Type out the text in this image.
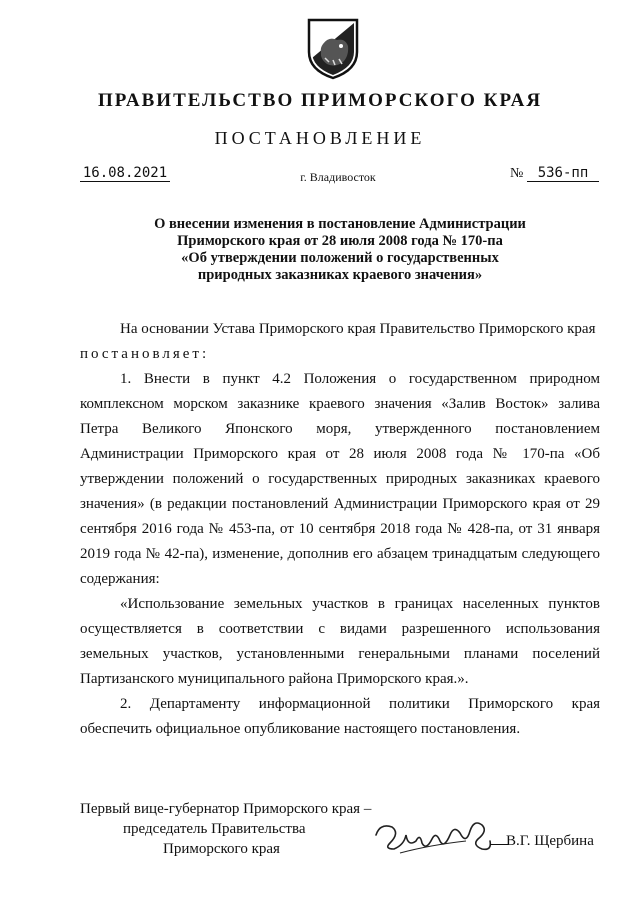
ПРАВИТЕЛЬСТВО ПРИМОРСКОГО КРАЯ
ПОСТАНОВЛЕНИЕ
16.08.2021	г. Владивосток	№	536-пп
О внесении изменения в постановление Администрации
Приморского края от 28 июля 2008 года № 170-па
«Об утверждении положений о государственных
природных заказниках краевого значения»

На основании Устава Приморского края Правительство Приморского края

постановляет:

1. Внести в пункт 4.2 Положения о государственном природном комплексном морском заказнике краевого значения «Залив Восток» залива Петра Великого Японского моря, утвержденного постановлением Администрации Приморского края от 28 июля 2008 года № 170-па «Об утверждении положений о государственных природных заказниках краевого значения» (в редакции постановлений Администрации Приморского края от 29 сентября 2016 года № 453-па, от 10 сентября 2018 года № 428-па, от 31 января 2019 года № 42-па), изменение, дополнив его абзацем тринадцатым следующего содержания:

«Использование земельных участков в границах населенных пунктов осуществляется в соответствии с видами разрешенного использования земельных участков, установленными генеральными планами поселений Партизанского муниципального района Приморского края.».

2. Департаменту информационной политики Приморского края обеспечить официальное опубликование настоящего постановления.

Первый вице-губернатор Приморского края –
председатель Правительства
Приморского края	В.Г. Щербина
